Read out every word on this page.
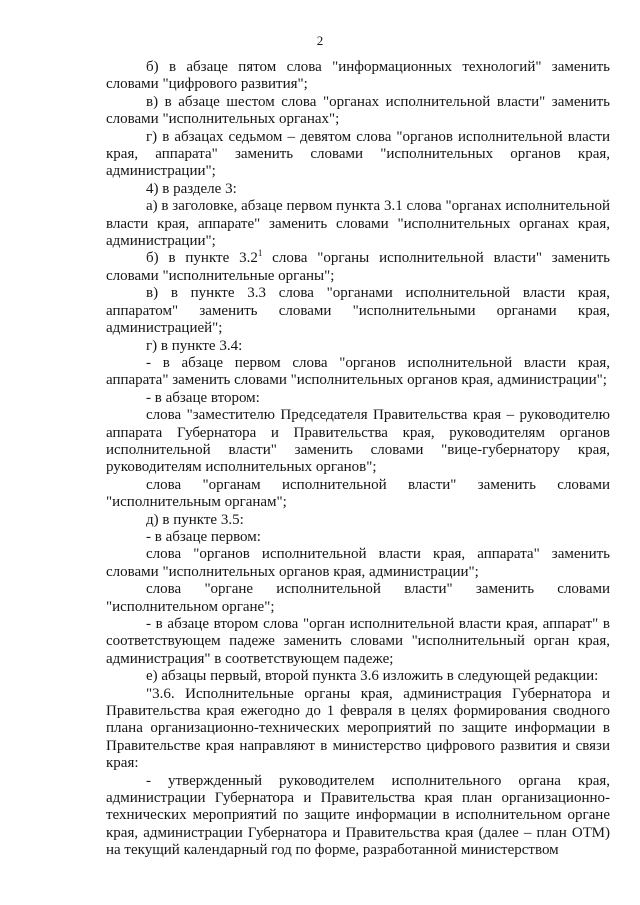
2

б) в абзаце пятом слова "информационных технологий" заменить словами "цифрового развития";

в) в абзаце шестом слова "органах исполнительной власти" заменить словами "исполнительных органах";

г) в абзацах седьмом – девятом слова "органов исполнительной власти края, аппарата" заменить словами "исполнительных органов края, администрации";

4) в разделе 3:

а) в заголовке, абзаце первом пункта 3.1 слова "органах исполнительной власти края, аппарате" заменить словами "исполнительных органах края, администрации";

б) в пункте $3.2^1$ слова "органы исполнительной власти" заменить словами "исполнительные органы";

в) в пункте 3.3 слова "органами исполнительной власти края, аппаратом" заменить словами "исполнительными органами края, администрацией";

г) в пункте 3.4:

- в абзаце первом слова "органов исполнительной власти края, аппарата" заменить словами "исполнительных органов края, администрации";

- в абзаце втором:

слова "заместителю Председателя Правительства края – руководителю аппарата Губернатора и Правительства края, руководителям органов исполнительной власти" заменить словами "вице-губернатору края, руководителям исполнительных органов";

слова "органам исполнительной власти" заменить словами "исполнительным органам";

д) в пункте 3.5:

- в абзаце первом:

слова "органов исполнительной власти края, аппарата" заменить словами "исполнительных органов края, администрации";

слова "органе исполнительной власти" заменить словами "исполнительном органе";

- в абзаце втором слова "орган исполнительной власти края, аппарат" в соответствующем падеже заменить словами "исполнительный орган края, администрация" в соответствующем падеже;

е) абзацы первый, второй пункта 3.6 изложить в следующей редакции:

"3.6. Исполнительные органы края, администрация Губернатора и Правительства края ежегодно до 1 февраля в целях формирования сводного плана организационно-технических мероприятий по защите информации в Правительстве края направляют в министерство цифрового развития и связи края:

- утвержденный руководителем исполнительного органа края, администрации Губернатора и Правительства края план организационно-технических мероприятий по защите информации в исполнительном органе края, администрации Губернатора и Правительства края (далее – план ОТМ) на текущий календарный год по форме, разработанной министерством
